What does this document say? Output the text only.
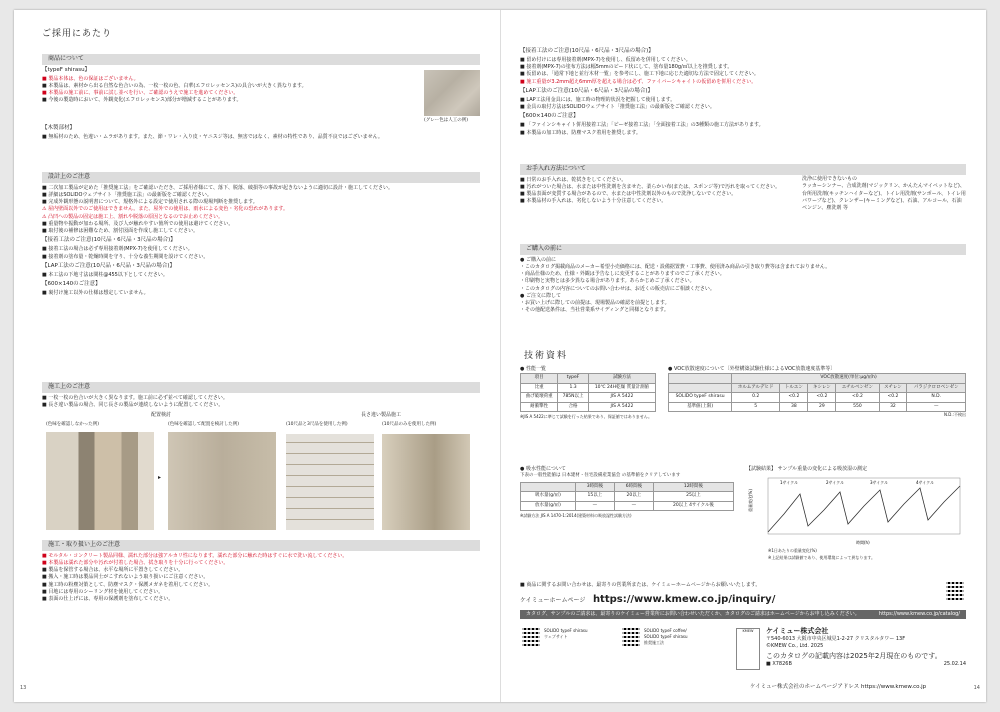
ご採用にあたり
商品について
【typeF shirasu】
■ 製品本体は、色の保証はございません。
■ 本製品は、素材から出る自然な色合いの為、一枚一枚の色、白華(エフロレッセンス)の具合いが大きく異なります。
■ 本製品の施工前に、事前に試し並べを行い、ご確認のうえで施工を進めてください。
■ 今後の製造時において、外観変化(エフロレッセンス)部分が増減することがあります。
(グレー色は人工の例)
【木製部材】
■ 無垢材のため、色違い・ムラがあります。また、節・ワレ・入り皮・ヤニスジ等は、無害ではなく、素材の特性であり、品質不良ではございません。
設計上のご注意
■ 二次加工製品が定めた「推奨施工法」をご確認いただき、ご採用者様にて、落下、脱落、破損等の事故が起きないように適切に設計・施工してください。
■ 詳細はSOLIDOウェブサイト「推奨施工法」の最新版をご確認ください。
■ 完成外観形態の説明書について、規格外による設定で使用される際の現場判断を推奨します。
⚠ 屋内壁面以外でのご使用はできません。また、屋外での使用は、雨水による変色・劣化の恐れがあります。
⚠ 凸凹への製品の固定は施工上、割れや脱落の原因となるのでお止めください。
■ 重量物や振動が加わる場所、及び人が触れやすい箇所での使用は避けてください。
■ 取付後の補修は困難なため、割付図面を作成し施工してください。
【接着工法のご注意(10尺品・6尺品・3尺品の場合)】
■ 接着工法の場合は必ず専用接着剤(MPX-7)を使用してください。
■ 接着剤の塗布量・乾燥時間を守り、十分な養生期間を設けてください。
【LAP工法のご注意(10尺品・6尺品・3尺品の場合)】
■ 本工法の下地寸法は間柱@455以下としてください。
【600×140のご注意】
■ 裏付け施工以外の仕様は想定していません。
施工上のご注意
■ 一枚一枚の色合いが大きく異なります。施工前に必ず並べて確認してください。
■ 長さ違い製品の場合、同じ長さの製品が連続しないように配置してください。
配置検討
(色味を確認しなかった例)	(色味を確認して配置を検討した例)
▸
長さ違い製品施工
(10尺品と3尺品を使用した例)	(10尺品のみを使用した例)
施工・取り扱い上のご注意
■ モルタル・コンクリート製品同様、濡れた部分は強アルカリ性になります。濡れた部分に触れた時はすぐに水で洗い流してください。
■ 本製品は濡れた部分や汚れが付着した場合、拭き取りを十分に行ってください。
■ 製品を保管する場合は、水平な場所に平置きしてください。
■ 搬入・施工時は製品同士がこすれないよう取り扱いにご注意ください。
■ 施工時の粉塵対策として、防塵マスク・保護メガネを着用してください。
■ 目地には専用のシーリング材を使用してください。
■ 表面の仕上げには、専用の保護剤を塗布してください。
13
【接着工法のご注意(10尺品・6尺品・3尺品の場合)】
■ 留め付けには専用接着剤(MPX-7)を使用し、仮留めを併用してください。
■ 接着剤(MPX-7)の塗布方法は幅5mmのビード状にして、塗布量180g/㎡以上を推奨します。
■ 仮留めは、「通常下地と並行木材一覧」を参考にし、施工下地に応じた適切な方法で固定してください。
■ 施工重量が3.2mm超え6mm厚を超える場合は必ず、ファイバーシキャイトの仮留めを併用ください。
【LAP工法のご注意(10尺品・6尺品・3尺品の場合)】
■ LAP工法用金具には、施工時の物理的状況を把握して使用します。
■ 金具の取付方法はSOLIDOウェブサイト「推奨施工法」の最新版をご確認ください。
【600×140のご注意】
■ 「ファインシキャイト併用接着工法」「ビーゼ接着工法」「全面接着工法」の3種類の施工方法があります。
■ 本製品の加工時は、防塵マスク着用を推奨します。
お手入れ方法について
■ 日常のお手入れは、乾拭きをしてください。
■ 汚れがついた場合は、水または中性洗剤を含ませた、柔らかい布(または、スポンジ等)で汚れを取ってください。
■ 製品表面が変質する場合があるので、水または中性洗剤以外のもので洗浄しないでください。
■ 本製品材の手入れは、劣化しないよう十分注意してください。
洗浄に使用できないもの
ラッカーシンナー、合成洗剤(マジックリン、かんたんマイペットなど)、台所用洗剤(キッチンハイターなど)、トイレ用洗剤(サンポール、トイレ用バワーブなど)、クレンザー(キーミングなど)、石油、アルコール、石油ベンジン、塵洗剤 等
ご購入の前に
● ご購入の前に
・このカタログ掲載商品のメーカー希望小売価格には、配送・設備据置費・工事費、使用済み商品の引き取り費等は含まれておりません。
・商品仕様のため、仕様・外観は予告なしに変更することがありますのでご了承ください。
・印刷物と実物とは多少異なる場合があります。あらかじめご了承ください。
・このカタログの内容についてのお問い合わせは、お近くの販売店にご相談ください。
● ご注文に際して
・お買い上げに際しての前提は、現場製品の確認を前提とします。
・その他配送条件は、当社営業系サイディングと同様となります。
技術資料
● 性能一覧
項目	typeF	試験方法
比重	1.3	10℃ 24H乾燥 質量計測値
曲げ破壊荷重	785N以上	JIS A 5422
耐衝撃性	合格	JIS A 5422
※JIS A 5422に準じて試験を行った結果であり、保証値ではありません。
● VOC放散速度について〔外壁構築試験仕様によるVOC放散速度基準等〕
	VOC放散速度(単位:μg/㎡h)					
	ホルムアルデヒド	トルエン	キシレン	エチルベンゼン	スチレン	パラジクロロベンゼン
SOLIDO typeF shirasu	0.2	<0.2	<0.2	<0.2	<0.2	N.D.
基準値(上限)	5	38	29	550	32	—
N.D.:不検出
● 吸水性能について
下表の一般性能値は 日本建材・住宅設備産業協会 の基準値をクリアしています
	3時間後	6時間後	12時間後
吸水量(g/㎡)	15以上	20以上	25以上
放水量(g/㎡)	—	—	20以上 4サイクル後
※試験方法 JIS A 1470-1:2014(建築材料の吸放湿性試験方法)
【試験結果】 サンプル重量の変化による吸放湿の測定
重量変化(%)
時間(h)
1サイクル	2サイクル	3サイクル	4サイクル
※1日あたりの重量変化(%)
※上記結果は試験値であり、使用環境によって異なります。
■ 商品に関するお問い合わせは、最寄りの営業所または、ケイミューホームページからお願いいたします。
ケイミューホームページ https://www.kmew.co.jp/inquiry/
カタログ、サンプルのご請求は、最寄りのケイミュー営業所にお問い合わせいただくか、カタログのご請求はホームページからお申し込みください。	https://www.kmew.co.jp/catalog/
SOLIDO typeF shirasu
ウェブサイト
SOLIDO typeF coffee/
SOLIDO typeF shirasu
推奨施工法
KMEW	ケイミュー株式会社
〒540-6013 大阪市中央区城見1-2-27 クリスタルタワー 13F
©KMEW Co., Ltd. 2025
このカタログの記載内容は2025年2月現在のものです。
■ X7826B	25.02.14
ケイミュー株式会社のホームページアドレス https://www.kmew.co.jp	14
